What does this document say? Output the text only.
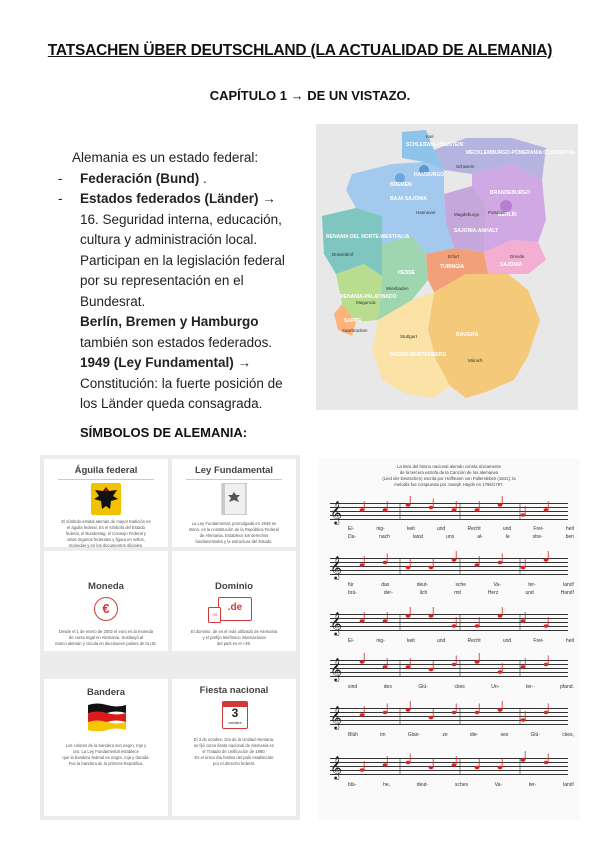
TATSACHEN ÜBER DEUTSCHLAND (LA ACTUALIDAD DE ALEMANIA)
CAPÍTULO 1 → DE UN VISTAZO.
Alemania es un estado federal:
- Federación (Bund) .
- Estados federados (Länder) →
16. Seguridad interna, educación,
cultura y administración local.
Participan en la legislación federal
por su representación en el
Bundesrat.
Berlín, Bremen y Hamburgo
también son estados federados.
1949 (Ley Fundamental) →
Constitución: la fuerte posición de
los Länder queda consagrada.
SCHLESWIG-HOLSTEIN
HAMBURGO
MECKLEMBURGO-POMERANIA OCCIDENTAL
BREMEN
BAJA SAJONIA
BERLÍN
BRANDEBURGO
SAJONIA-ANHALT
RENANIA DEL NORTE-WESTFALIA
HESSE
TURINGIA	SAJONIA
RENANIA-PALATINADO
SARRE
BADEN-WURTEMBERG
BAVIERA
Kiel
Schwerin
Hannover	Potsdam
Magdeburgo
Düsseldorf	Erfurt	Dresde
Wiesbaden
Maguncia
Saarbrücken
Stuttgart
Múnich
SÍMBOLOS DE ALEMANIA:
Águila federal
El símbolo estatal alemán de mayor tradición es
el águila federal. Es el símbolo del Estado
federal, el Bundestag, el Consejo Federal y
otros órganos federales y figura en sellos,
monedas y en los documentos oficiales.
Ley Fundamental
La Ley Fundamental, promulgada en 1949 en
Bonn, es la constitución de la República Federal
de Alemania. Establece los derechos
fundamentales y la estructura del Estado.
Moneda
€
Desde el 1 de enero de 2002 el euro es la moneda
de curso legal en Alemania. Sustituyó al
marco alemán y circula en diecinueve países de la UE.
Dominio
.de
+49
El dominio .de es el más utilizado de Alemania
y el prefijo telefónico internacional
del país es el +49.
Bandera
Los colores de la bandera son negro, rojo y
oro. La Ley Fundamental establece
que la bandera federal es negra, roja y dorada.
Fue la bandera de la primera República.
Fiesta nacional
3
octubre
El 3 de octubre, Día de la Unidad Alemana,
se fijó como fiesta nacional de Alemania en
el Tratado de Unificación de 1990.
Es el único día festivo del país establecido
por el derecho federal.
La letra del himno nacional alemán consta únicamente
de la tercera estrofa de la Canción de los alemanes
(Lied der Deutschen) escrita por Hoffmann von Fallersleben (1841); la
melodía fue compuesta por Joseph Haydn en 1796/1797.
𝄞
Ei-	nig-	keit	und	Recht	und	Frei-	heit
Da-	nach	lasst	uns	al-	le	stre-	ben
𝄞
für	das	deut-	sche	Va-	ter-	land!
brü-	der-	lich	mit	Herz	und	Hand!
𝄞
Ei-	nig-	keit	und	Recht	und	Frei-	heit
𝄞
sind	des	Glü-	ckes	Un-	ter-	pfand.
𝄞
Blüh	im	Glan-	ze	die-	ses	Glü-	ckes,
𝄞
blü-	he,	deut-	sches	Va-	ter-	land!
